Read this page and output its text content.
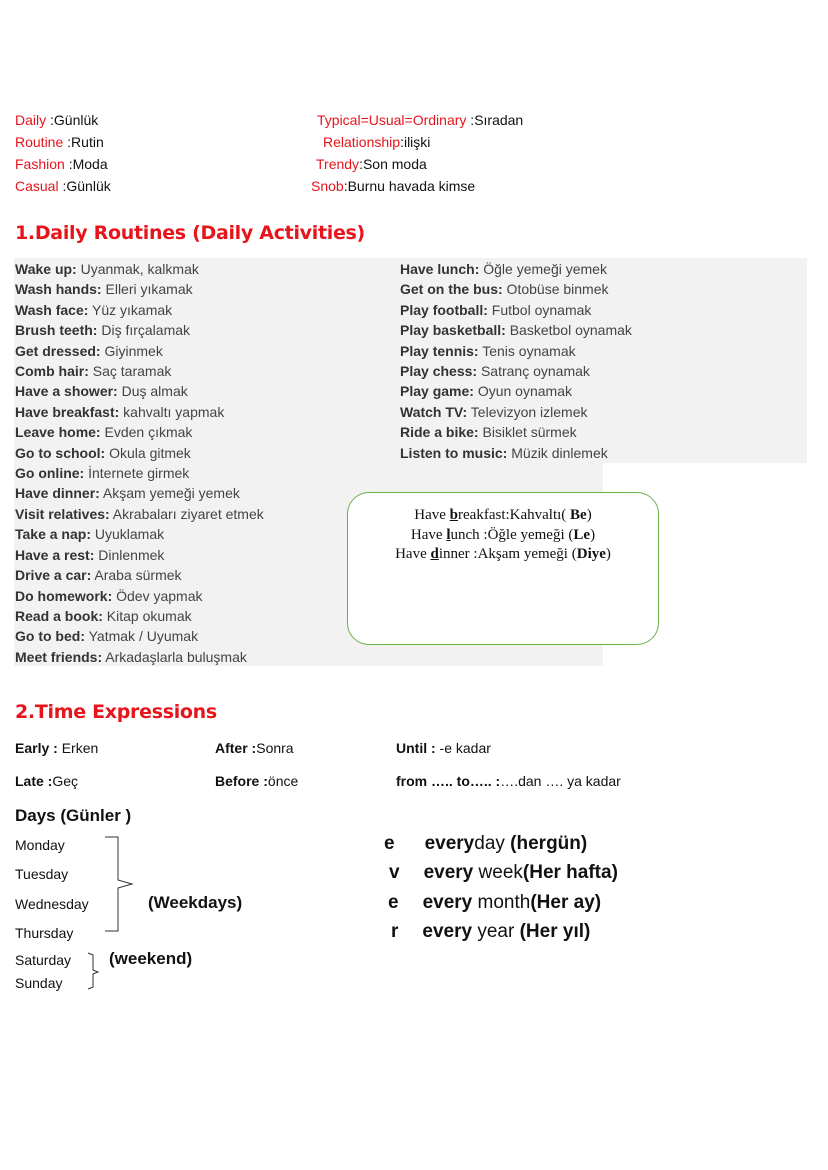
Daily :Günlük
Routine :Rutin
Fashion :Moda
Casual :Günlük
Typical=Usual=Ordinary :Sıradan
Relationship:ilişki
Trendy:Son moda
Snob:Burnu havada kimse
1.Daily Routines (Daily Activities)
Wake up: Uyanmak, kalkmak
Wash hands: Elleri yıkamak
Wash face: Yüz yıkamak
Brush teeth: Diş fırçalamak
Get dressed: Giyinmek
Comb hair: Saç taramak
Have a shower: Duş almak
Have breakfast: kahvaltı yapmak
Leave home: Evden çıkmak
Go to school: Okula gitmek
Go online: İnternete girmek
Have dinner: Akşam yemeği yemek
Visit relatives: Akrabaları ziyaret etmek
Take a nap: Uyuklamak
Have a rest: Dinlenmek
Drive a car: Araba sürmek
Do homework: Ödev yapmak
Read a book: Kitap okumak
Go to bed: Yatmak / Uyumak
Meet friends: Arkadaşlarla buluşmak
Have lunch: Öğle yemeği yemek
Get on the bus: Otobüse binmek
Play football: Futbol oynamak
Play basketball: Basketbol oynamak
Play tennis: Tenis oynamak
Play chess: Satranç oynamak
Play game: Oyun oynamak
Watch TV: Televizyon izlemek
Ride a bike: Bisiklet sürmek
Listen to music: Müzik dinlemek
Have breakfast:Kahvaltı( Be)
Have lunch :Öğle yemeği (Le)
Have dinner :Akşam yemeği (Diye)
2.Time Expressions
Early : Erken	After :Sonra	Until : -e kadar
Late :Geç	Before :önce	from ….. to….. :….dan …. ya kadar
Days (Günler )
Monday
Tuesday
Wednesday
Thursday
(Weekdays)
Saturday
Sunday
(weekend)
e everyday (hergün)
v every week(Her hafta)
e every month(Her ay)
r every year (Her yıl)
